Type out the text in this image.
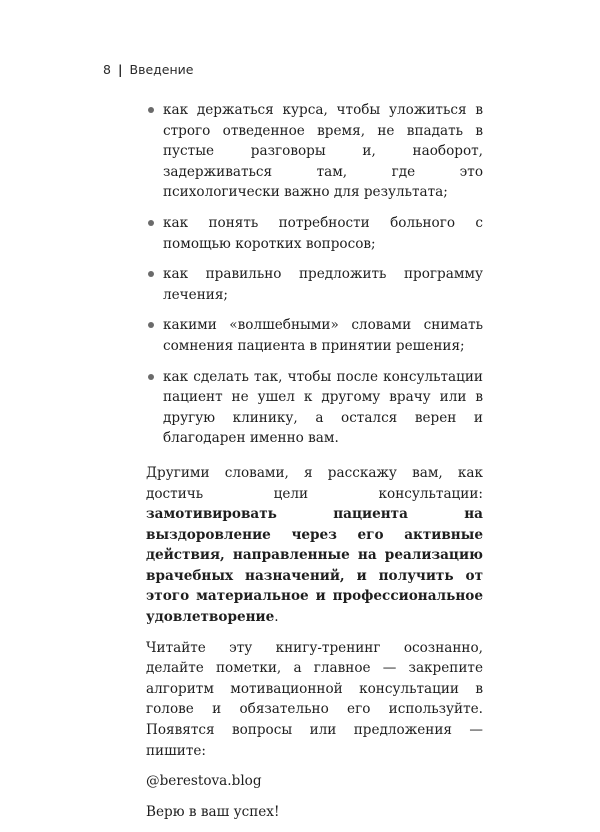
8 | Введение
как держаться курса, чтобы уложиться в строго отведенное время, не впадать в пустые разговоры и, наоборот, задерживаться там, где это психологически важно для результата;
как понять потребности больного с помощью коротких вопросов;
как правильно предложить программу лечения;
какими «волшебными» словами снимать сомнения пациента в принятии решения;
как сделать так, чтобы после консультации пациент не ушел к другому врачу или в другую клинику, а остался верен и благодарен именно вам.

Другими словами, я расскажу вам, как достичь цели консультации: замотивировать пациента на выздоровление через его активные действия, направленные на реализацию врачебных назначений, и получить от этого материальное и профессиональное удовлетворение.

Читайте эту книгу-тренинг осознанно, делайте пометки, а главное — закрепите алгоритм мотивационной консультации в голове и обязательно его используйте. Появятся вопросы или предложения — пишите:

@berestova.blog

Верю в ваш успех!
